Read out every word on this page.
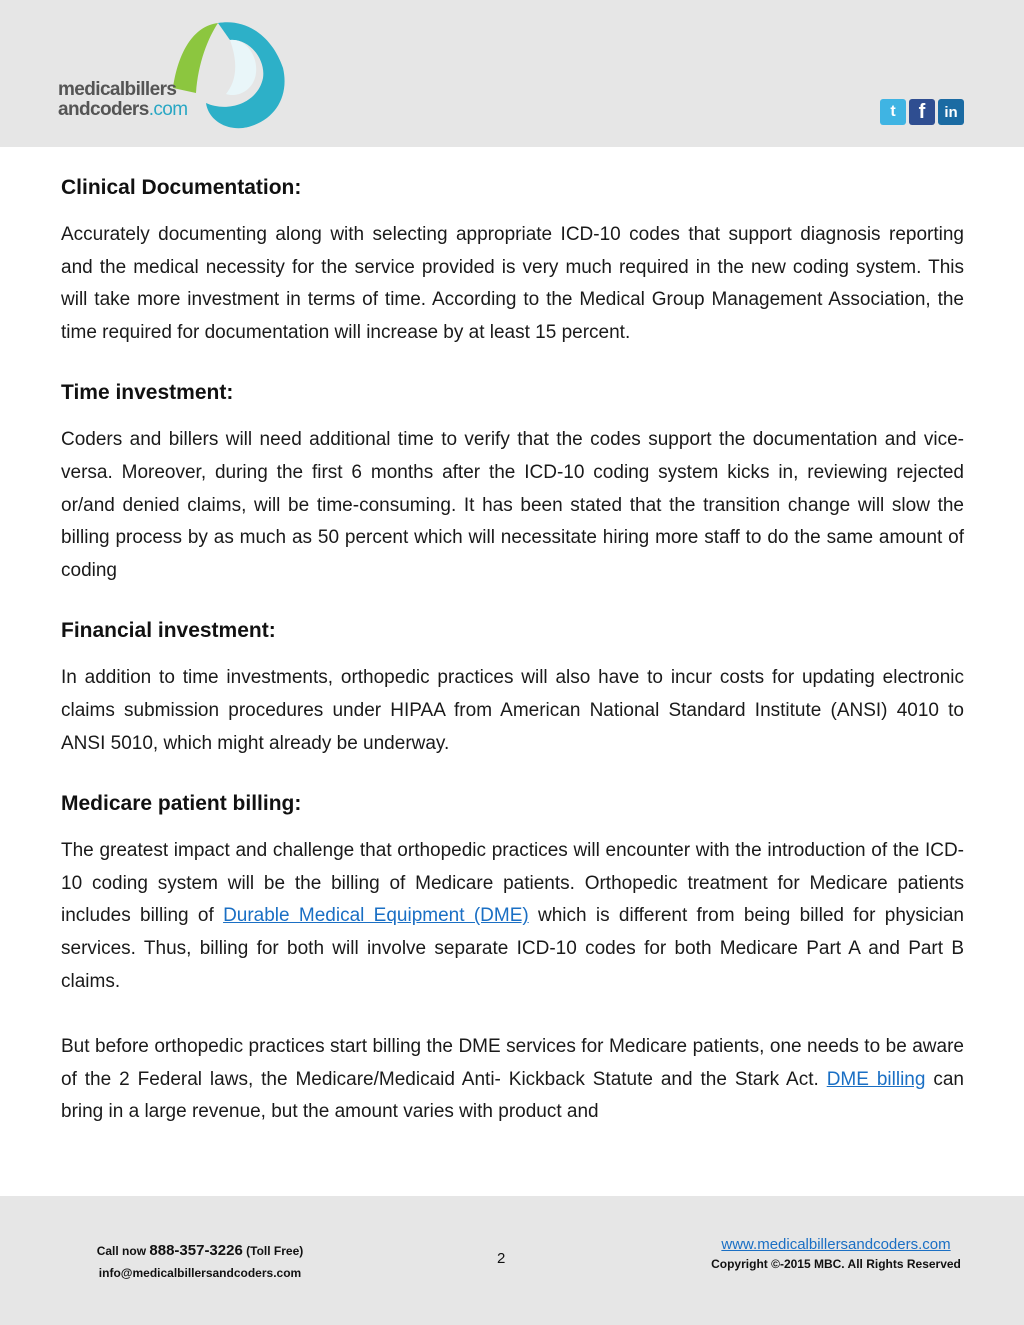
medicalbillers
andcoders.com	t	f	in
Clinical Documentation:

Accurately documenting along with selecting appropriate ICD-10 codes that support diagnosis reporting and the medical necessity for the service provided is very much required in the new coding system. This will take more investment in terms of time. According to the Medical Group Management Association, the time required for documentation will increase by at least 15 percent.

Time investment:

Coders and billers will need additional time to verify that the codes support the documentation and vice-versa. Moreover, during the first 6 months after the ICD-10 coding system kicks in, reviewing rejected or/and denied claims, will be time-consuming. It has been stated that the transition change will slow the billing process by as much as 50 percent which will necessitate hiring more staff to do the same amount of coding

Financial investment:

In addition to time investments, orthopedic practices will also have to incur costs for updating electronic claims submission procedures under HIPAA from American National Standard Institute (ANSI) 4010 to ANSI 5010, which might already be underway.

Medicare patient billing:

The greatest impact and challenge that orthopedic practices will encounter with the introduction of the ICD-10 coding system will be the billing of Medicare patients. Orthopedic treatment for Medicare patients includes billing of Durable Medical Equipment (DME) which is different from being billed for physician services. Thus, billing for both will involve separate ICD-10 codes for both Medicare Part A and Part B claims.

But before orthopedic practices start billing the DME services for Medicare patients, one needs to be aware of the 2 Federal laws, the Medicare/Medicaid Anti- Kickback Statute and the Stark Act. DME billing can bring in a large revenue, but the amount varies with product and

Call now 888-357-3226 (Toll Free)
info@medicalbillersandcoders.com
2
www.medicalbillersandcoders.com
Copyright ©-2015 MBC. All Rights Reserved
